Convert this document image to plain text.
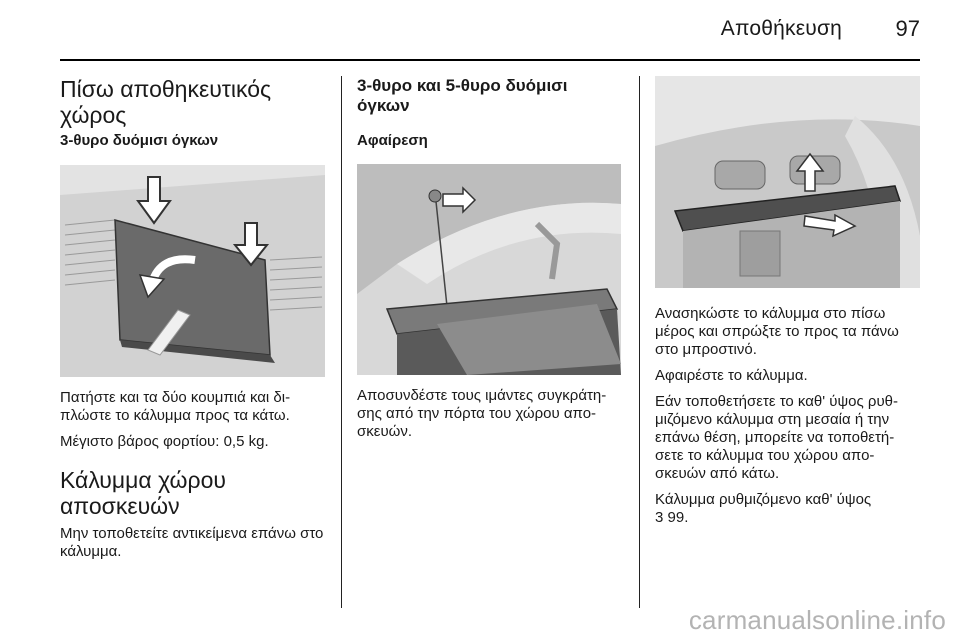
Αποθήκευση 97
Πίσω αποθηκευτικός χώρος
3-θυρο δυόμισι όγκων

Πατήστε και τα δύο κουμπιά και δι-πλώστε το κάλυμμα προς τα κάτω.

Μέγιστο βάρος φορτίου: 0,5 kg.

Κάλυμμα χώρου αποσκευών

Μην τοποθετείτε αντικείμενα επάνω στο κάλυμμα.

3-θυρο και 5-θυρο δυόμισι όγκων
Αφαίρεση

Αποσυνδέστε τους ιμάντες συγκράτη-σης από την πόρτα του χώρου απο-σκευών.

Ανασηκώστε το κάλυμμα στο πίσω μέρος και σπρώξτε το προς τα πάνω στο μπροστινό.

Αφαιρέστε το κάλυμμα.

Εάν τοποθετήσετε το καθ' ύψος ρυθ-μιζόμενο κάλυμμα στη μεσαία ή την επάνω θέση, μπορείτε να τοποθετή-σετε το κάλυμμα του χώρου απο-σκευών από κάτω.

Κάλυμμα ρυθμιζόμενο καθ' ύψος
3 99.

carmanualsonline.info
